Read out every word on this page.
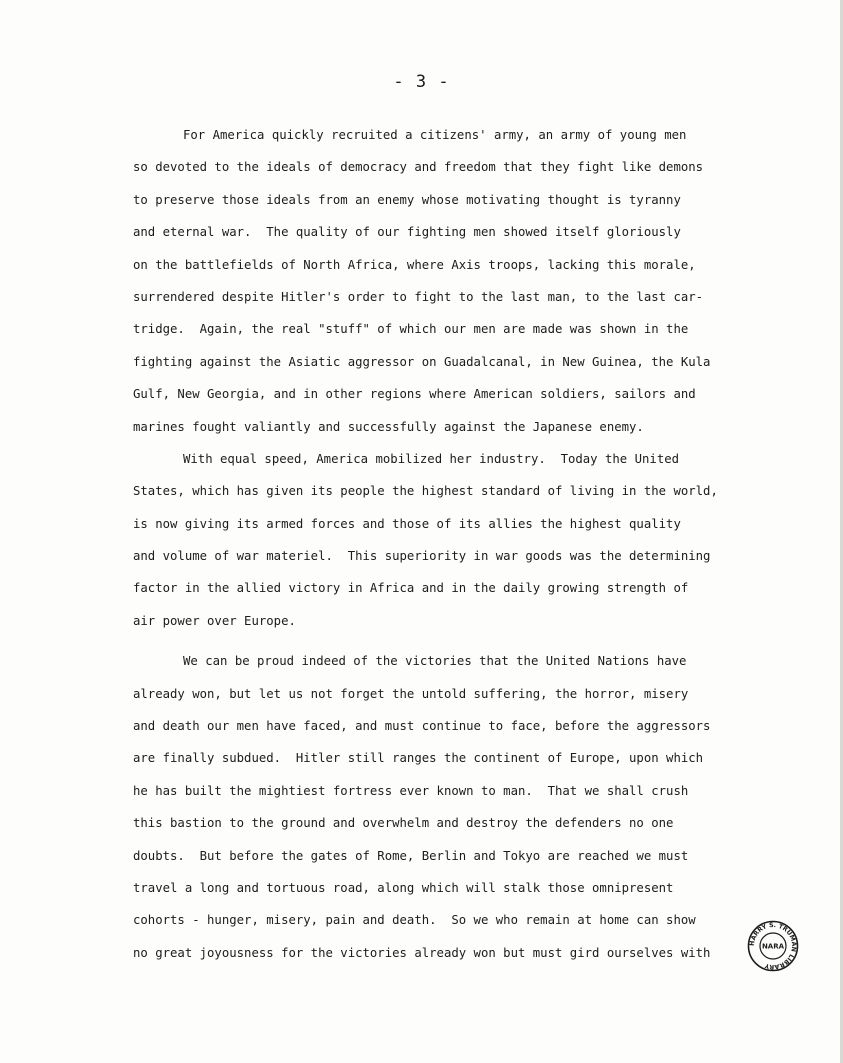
- 3 -
For America quickly recruited a citizens' army, an army of young men
so devoted to the ideals of democracy and freedom that they fight like demons
to preserve those ideals from an enemy whose motivating thought is tyranny
and eternal war.  The quality of our fighting men showed itself gloriously
on the battlefields of North Africa, where Axis troops, lacking this morale,
surrendered despite Hitler's order to fight to the last man, to the last car-
tridge.  Again, the real "stuff" of which our men are made was shown in the
fighting against the Asiatic aggressor on Guadalcanal, in New Guinea, the Kula
Gulf, New Georgia, and in other regions where American soldiers, sailors and
marines fought valiantly and successfully against the Japanese enemy.
With equal speed, America mobilized her industry.  Today the United
States, which has given its people the highest standard of living in the world,
is now giving its armed forces and those of its allies the highest quality
and volume of war materiel.  This superiority in war goods was the determining
factor in the allied victory in Africa and in the daily growing strength of
air power over Europe.
We can be proud indeed of the victories that the United Nations have
already won, but let us not forget the untold suffering, the horror, misery
and death our men have faced, and must continue to face, before the aggressors
are finally subdued.  Hitler still ranges the continent of Europe, upon which
he has built the mightiest fortress ever known to man.  That we shall crush
this bastion to the ground and overwhelm and destroy the defenders no one
doubts.  But before the gates of Rome, Berlin and Tokyo are reached we must
travel a long and tortuous road, along which will stalk those omnipresent
cohorts - hunger, misery, pain and death.  So we who remain at home can show
no great joyousness for the victories already won but must gird ourselves with
HARRY S. TRUMAN LIBRARY
NARA
